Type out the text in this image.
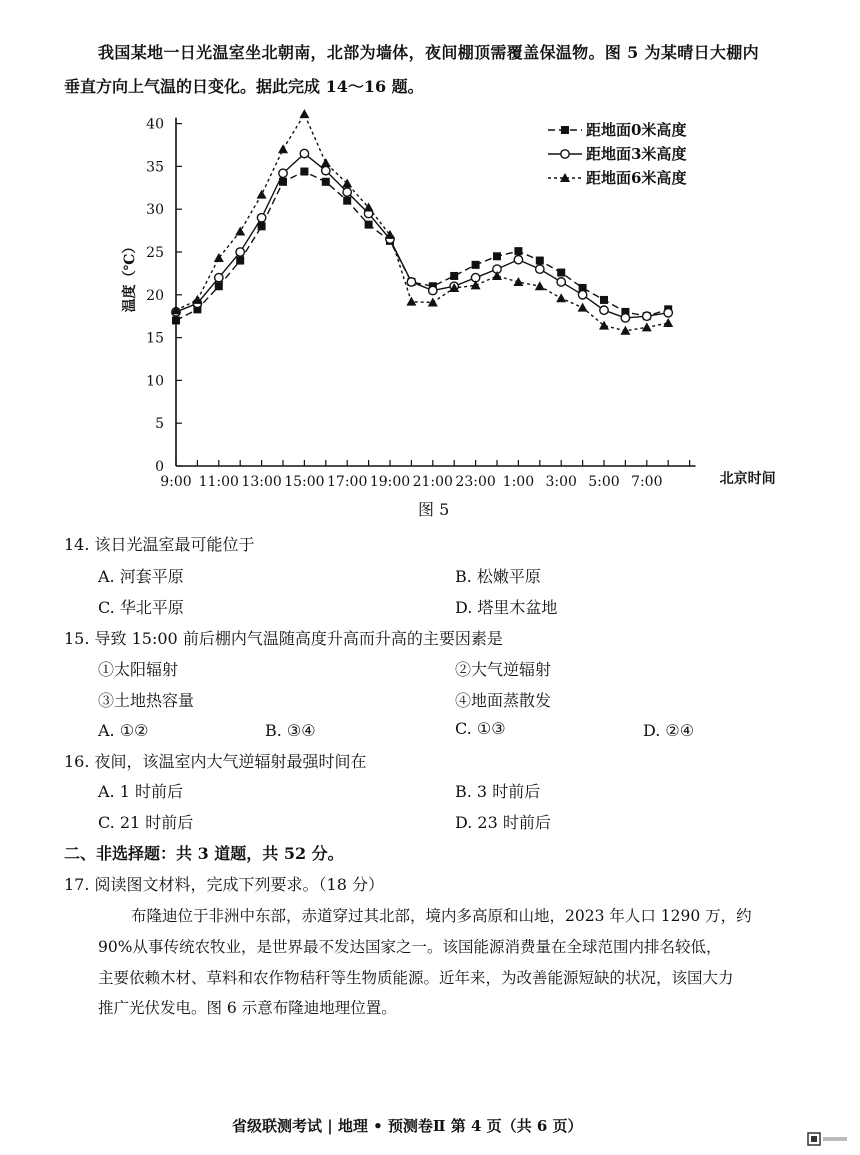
我国某地一日光温室坐北朝南，北部为墙体，夜间棚顶需覆盖保温物。图 5 为某晴日大棚内
垂直方向上气温的日变化。据此完成 14～16 题。
0
5
10
15
20
25
30
35
40
9:00 11:00 13:00 15:00 17:00 19:00 21:00 23:00 1:00 3:00 5:00 7:00	北京时间
温度（℃）
距地面0米高度
距地面3米高度
距地面6米高度
图 5
14. 该日光温室最可能位于
A. 河套平原	B. 松嫩平原
C. 华北平原	D. 塔里木盆地
15. 导致 15:00 前后棚内气温随高度升高而升高的主要因素是
①太阳辐射	②大气逆辐射
③土地热容量	④地面蒸散发
A. ①②	B. ③④	C. ①③	D. ②④
16. 夜间，该温室内大气逆辐射最强时间在
A. 1 时前后	B. 3 时前后
C. 21 时前后	D. 23 时前后
二、非选择题：共 3 道题，共 52 分。
17. 阅读图文材料，完成下列要求。（18 分）
布隆迪位于非洲中东部，赤道穿过其北部，境内多高原和山地，2023 年人口 1290 万，约
90%从事传统农牧业，是世界最不发达国家之一。该国能源消费量在全球范围内排名较低，
主要依赖木材、草料和农作物秸秆等生物质能源。近年来，为改善能源短缺的状况，该国大力
推广光伏发电。图 6 示意布隆迪地理位置。
省级联测考试 | 地理 • 预测卷Ⅱ 第 4 页（共 6 页）
